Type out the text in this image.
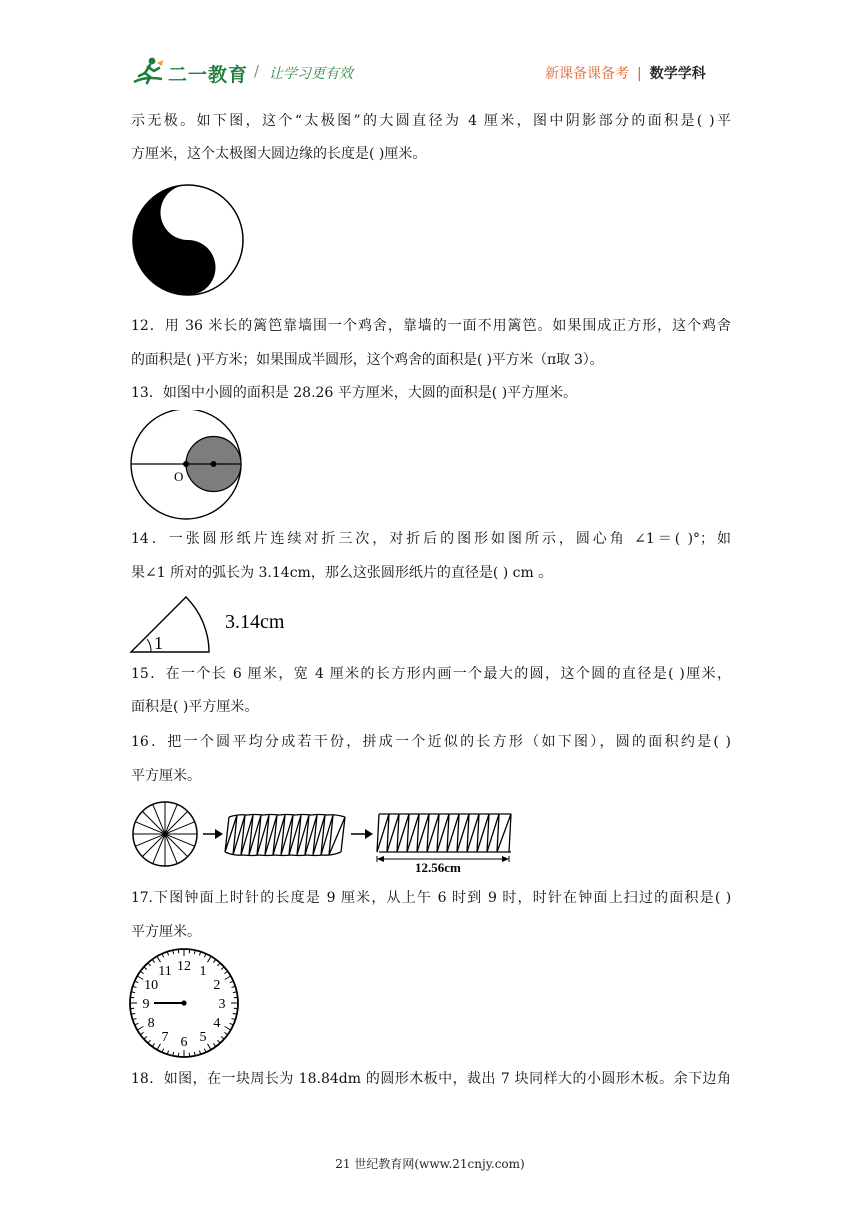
二一教育 / 让学习更有效	新课备课备考 | 数学学科
示无极。如下图，这个“太极图”的大圆直径为 4 厘米，图中阴影部分的面积是( )平
方厘米，这个太极图大圆边缘的长度是( )厘米。
12．用 36 米长的篱笆靠墙围一个鸡舍，靠墙的一面不用篱笆。如果围成正方形，这个鸡舍
的面积是( )平方米；如果围成半圆形，这个鸡舍的面积是( )平方米（π取 3）。
13．如图中小圆的面积是 28.26 平方厘米，大圆的面积是( )平方厘米。
O
14．一张圆形纸片连续对折三次，对折后的图形如图所示，圆心角 ∠1＝( )°；如
果∠1 所对的弧长为 3.14cm，那么这张圆形纸片的直径是( ) cm 。
1
3.14cm
15．在一个长 6 厘米，宽 4 厘米的长方形内画一个最大的圆，这个圆的直径是( )厘米，
面积是( )平方厘米。
16．把一个圆平均分成若干份，拼成一个近似的长方形（如下图），圆的面积约是( )
平方厘米。
12.56cm
17.下图钟面上时针的长度是 9 厘米，从上午 6 时到 9 时，时针在钟面上扫过的面积是( )
平方厘米。
12 1
2
3
4
5
6
7
8
9
10
11
18．如图，在一块周长为 18.84dm 的圆形木板中，裁出 7 块同样大的小圆形木板。余下边角
21 世纪教育网(www.21cnjy.com)
